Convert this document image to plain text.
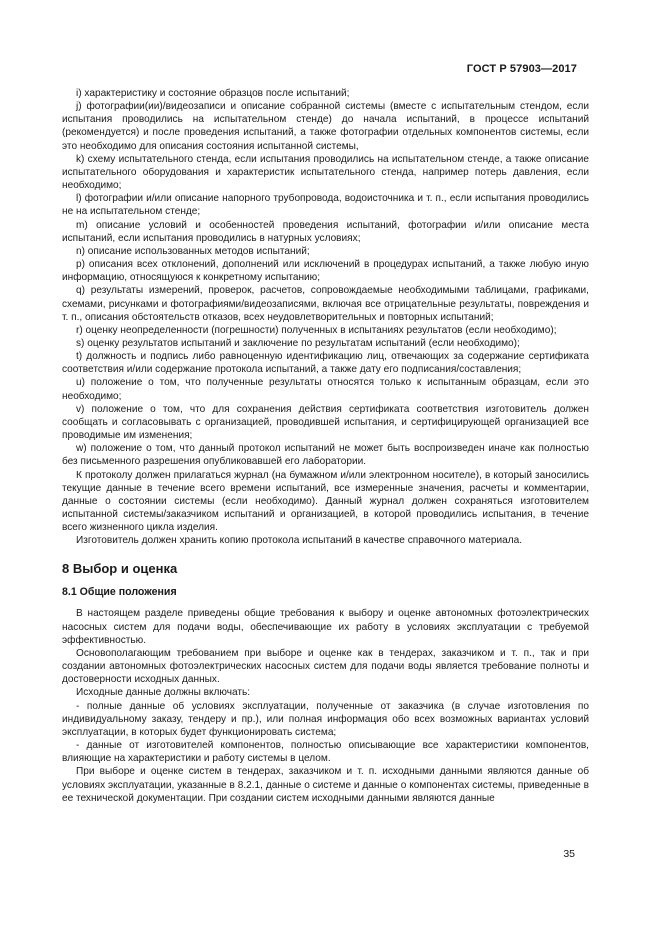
ГОСТ Р 57903—2017

i) характеристику и состояние образцов после испытаний;

j) фотографии(ии)/видеозаписи и описание собранной системы (вместе с испытательным стендом, если испытания проводились на испытательном стенде) до начала испытаний, в процессе испытаний (рекомендуется) и после проведения испытаний, а также фотографии отдельных компонентов системы, если это необходимо для описания состояния испытанной системы,

k) схему испытательного стенда, если испытания проводились на испытательном стенде, а также описание испытательного оборудования и характеристик испытательного стенда, например потерь давления, если необходимо;

l) фотографии и/или описание напорного трубопровода, водоисточника и т. п., если испытания проводились не на испытательном стенде;

m) описание условий и особенностей проведения испытаний, фотографии и/или описание места испытаний, если испытания проводились в натурных условиях;

n) описание использованных методов испытаний;

p) описания всех отклонений, дополнений или исключений в процедурах испытаний, а также любую иную информацию, относящуюся к конкретному испытанию;

q) результаты измерений, проверок, расчетов, сопровождаемые необходимыми таблицами, графиками, схемами, рисунками и фотографиями/видеозаписями, включая все отрицательные результаты, повреждения и т. п., описания обстоятельств отказов, всех неудовлетворительных и повторных испытаний;

r) оценку неопределенности (погрешности) полученных в испытаниях результатов (если необходимо);

s) оценку результатов испытаний и заключение по результатам испытаний (если необходимо);

t) должность и подпись либо равноценную идентификацию лиц, отвечающих за содержание сертификата соответствия и/или содержание протокола испытаний, а также дату его подписания/составления;

u) положение о том, что полученные результаты относятся только к испытанным образцам, если это необходимо;

v) положение о том, что для сохранения действия сертификата соответствия изготовитель должен сообщать и согласовывать с организацией, проводившей испытания, и сертифицирующей организацией все проводимые им изменения;

w) положение о том, что данный протокол испытаний не может быть воспроизведен иначе как полностью без письменного разрешения опубликовавшей его лаборатории.

К протоколу должен прилагаться журнал (на бумажном и/или электронном носителе), в который заносились текущие данные в течение всего времени испытаний, все измеренные значения, расчеты и комментарии, данные о состоянии системы (если необходимо). Данный журнал должен сохраняться изготовителем испытанной системы/заказчиком испытаний и организацией, в которой проводились испытания, в течение всего жизненного цикла изделия.

Изготовитель должен хранить копию протокола испытаний в качестве справочного материала.

8 Выбор и оценка
8.1 Общие положения

В настоящем разделе приведены общие требования к выбору и оценке автономных фотоэлектрических насосных систем для подачи воды, обеспечивающие их работу в условиях эксплуатации с требуемой эффективностью.

Основополагающим требованием при выборе и оценке как в тендерах, заказчиком и т. п., так и при создании автономных фотоэлектрических насосных систем для подачи воды является требование полноты и достоверности исходных данных.

Исходные данные должны включать:

- полные данные об условиях эксплуатации, полученные от заказчика (в случае изготовления по индивидуальному заказу, тендеру и пр.), или полная информация обо всех возможных вариантах условий эксплуатации, в которых будет функционировать система;

- данные от изготовителей компонентов, полностью описывающие все характеристики компонентов, влияющие на характеристики и работу системы в целом.

При выборе и оценке систем в тендерах, заказчиком и т. п. исходными данными являются данные об условиях эксплуатации, указанные в 8.2.1, данные о системе и данные о компонентах системы, приведенные в ее технической документации. При создании систем исходными данными являются данные

35
